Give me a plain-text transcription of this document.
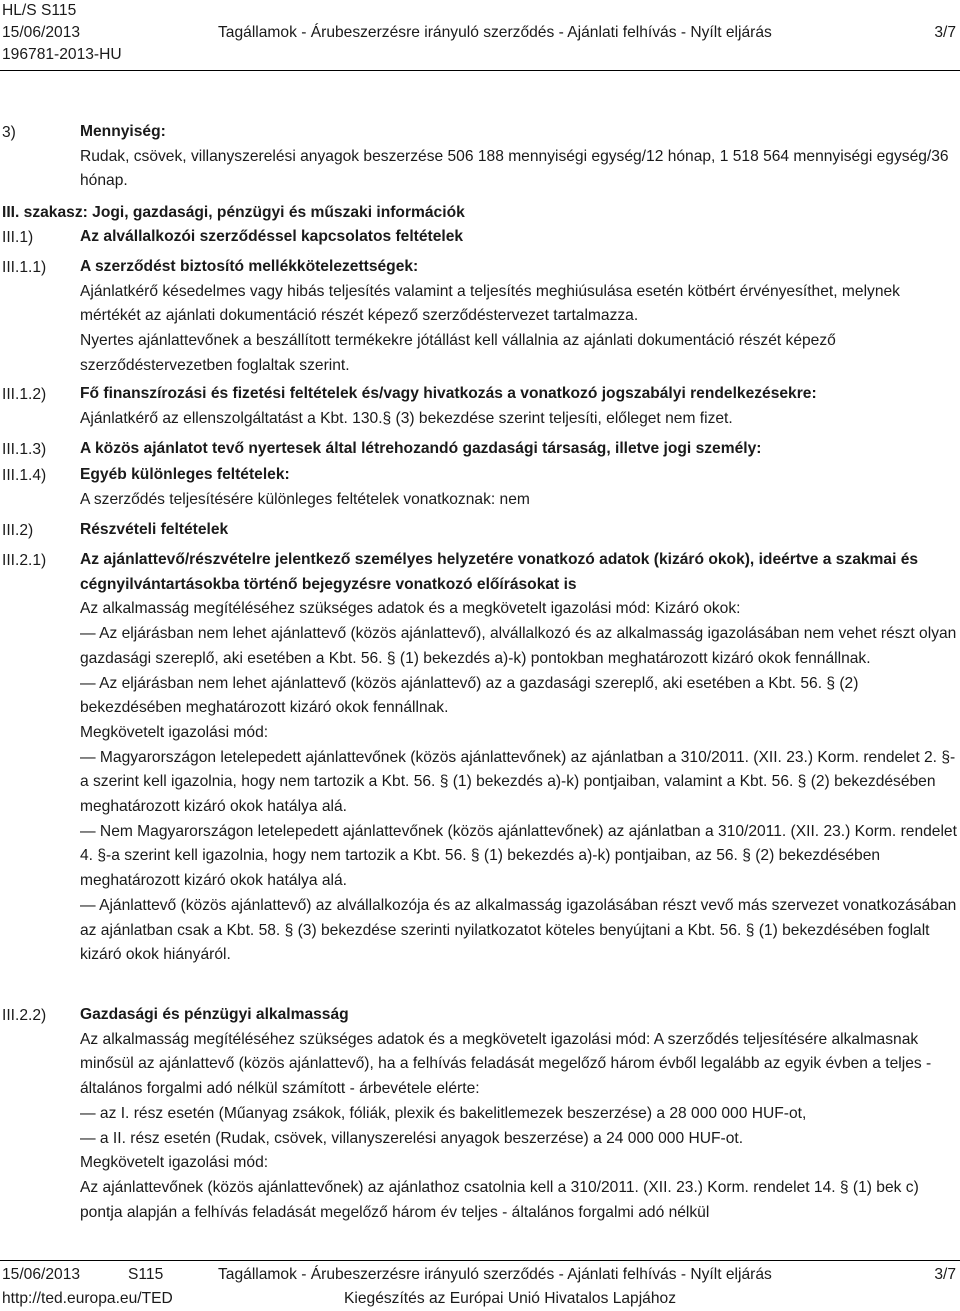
HL/S S115
15/06/2013	Tagállamok - Árubeszerzésre irányuló szerződés - Ajánlati felhívás - Nyílt eljárás	3/7
196781-2013-HU
3)	Mennyiség:

Rudak, csövek, villanyszerelési anyagok beszerzése 506 188 mennyiségi egység/12 hónap, 1 518 564 mennyiségi egység/36 hónap.

III. szakasz: Jogi, gazdasági, pénzügyi és műszaki információk
III.1)	Az alvállalkozói szerződéssel kapcsolatos feltételek
III.1.1) A szerződést biztosító mellékkötelezettségek:

Ajánlatkérő késedelmes vagy hibás teljesítés valamint a teljesítés meghiúsulása esetén kötbért érvényesíthet, melynek mértékét az ajánlati dokumentáció részét képező szerződéstervezet tartalmazza.

Nyertes ajánlattevőnek a beszállított termékekre jótállást kell vállalnia az ajánlati dokumentáció részét képező szerződéstervezetben foglaltak szerint.

III.1.2) Fő finanszírozási és fizetési feltételek és/vagy hivatkozás a vonatkozó jogszabályi rendelkezésekre:

Ajánlatkérő az ellenszolgáltatást a Kbt. 130.§ (3) bekezdése szerint teljesíti, előleget nem fizet.

III.1.3) A közös ajánlatot tevő nyertesek által létrehozandó gazdasági társaság, illetve jogi személy:
III.1.4) Egyéb különleges feltételek:

A szerződés teljesítésére különleges feltételek vonatkoznak: nem

III.2)	Részvételi feltételek
III.2.1) Az ajánlattevő/részvételre jelentkező személyes helyzetére vonatkozó adatok (kizáró okok), ideértve a szakmai és cégnyilvántartásokba történő bejegyzésre vonatkozó előírásokat is

Az alkalmasság megítéléséhez szükséges adatok és a megkövetelt igazolási mód: Kizáró okok:

— Az eljárásban nem lehet ajánlattevő (közös ajánlattevő), alvállalkozó és az alkalmasság igazolásában nem vehet részt olyan gazdasági szereplő, aki esetében a Kbt. 56. § (1) bekezdés a)-k) pontokban meghatározott kizáró okok fennállnak.

— Az eljárásban nem lehet ajánlattevő (közös ajánlattevő) az a gazdasági szereplő, aki esetében a Kbt. 56. § (2) bekezdésében meghatározott kizáró okok fennállnak.

Megkövetelt igazolási mód:

— Magyarországon letelepedett ajánlattevőnek (közös ajánlattevőnek) az ajánlatban a 310/2011. (XII. 23.) Korm. rendelet 2. §-a szerint kell igazolnia, hogy nem tartozik a Kbt. 56. § (1) bekezdés a)-k) pontjaiban, valamint a Kbt. 56. § (2) bekezdésében meghatározott kizáró okok hatálya alá.

— Nem Magyarországon letelepedett ajánlattevőnek (közös ajánlattevőnek) az ajánlatban a 310/2011. (XII. 23.) Korm. rendelet 4. §-a szerint kell igazolnia, hogy nem tartozik a Kbt. 56. § (1) bekezdés a)-k) pontjaiban, az 56. § (2) bekezdésében meghatározott kizáró okok hatálya alá.

— Ajánlattevő (közös ajánlattevő) az alvállalkozója és az alkalmasság igazolásában részt vevő más szervezet vonatkozásában az ajánlatban csak a Kbt. 58. § (3) bekezdése szerinti nyilatkozatot köteles benyújtani a Kbt. 56. § (1) bekezdésében foglalt kizáró okok hiányáról.

III.2.2) Gazdasági és pénzügyi alkalmasság

Az alkalmasság megítéléséhez szükséges adatok és a megkövetelt igazolási mód: A szerződés teljesítésére alkalmasnak minősül az ajánlattevő (közös ajánlattevő), ha a felhívás feladását megelőző három évből legalább az egyik évben a teljes - általános forgalmi adó nélkül számított - árbevétele elérte:

— az I. rész esetén (Műanyag zsákok, fóliák, plexik és bakelitlemezek beszerzése) a 28 000 000 HUF-ot,

— a II. rész esetén (Rudak, csövek, villanyszerelési anyagok beszerzése) a 24 000 000 HUF-ot.

Megkövetelt igazolási mód:

Az ajánlattevőnek (közös ajánlattevőnek) az ajánlathoz csatolnia kell a 310/2011. (XII. 23.) Korm. rendelet 14. § (1) bek c) pontja alapján a felhívás feladását megelőző három év teljes - általános forgalmi adó nélkül

15/06/2013	S115	Tagállamok - Árubeszerzésre irányuló szerződés - Ajánlati felhívás - Nyílt eljárás	3/7
http://ted.europa.eu/TED	Kiegészítés az Európai Unió Hivatalos Lapjához
